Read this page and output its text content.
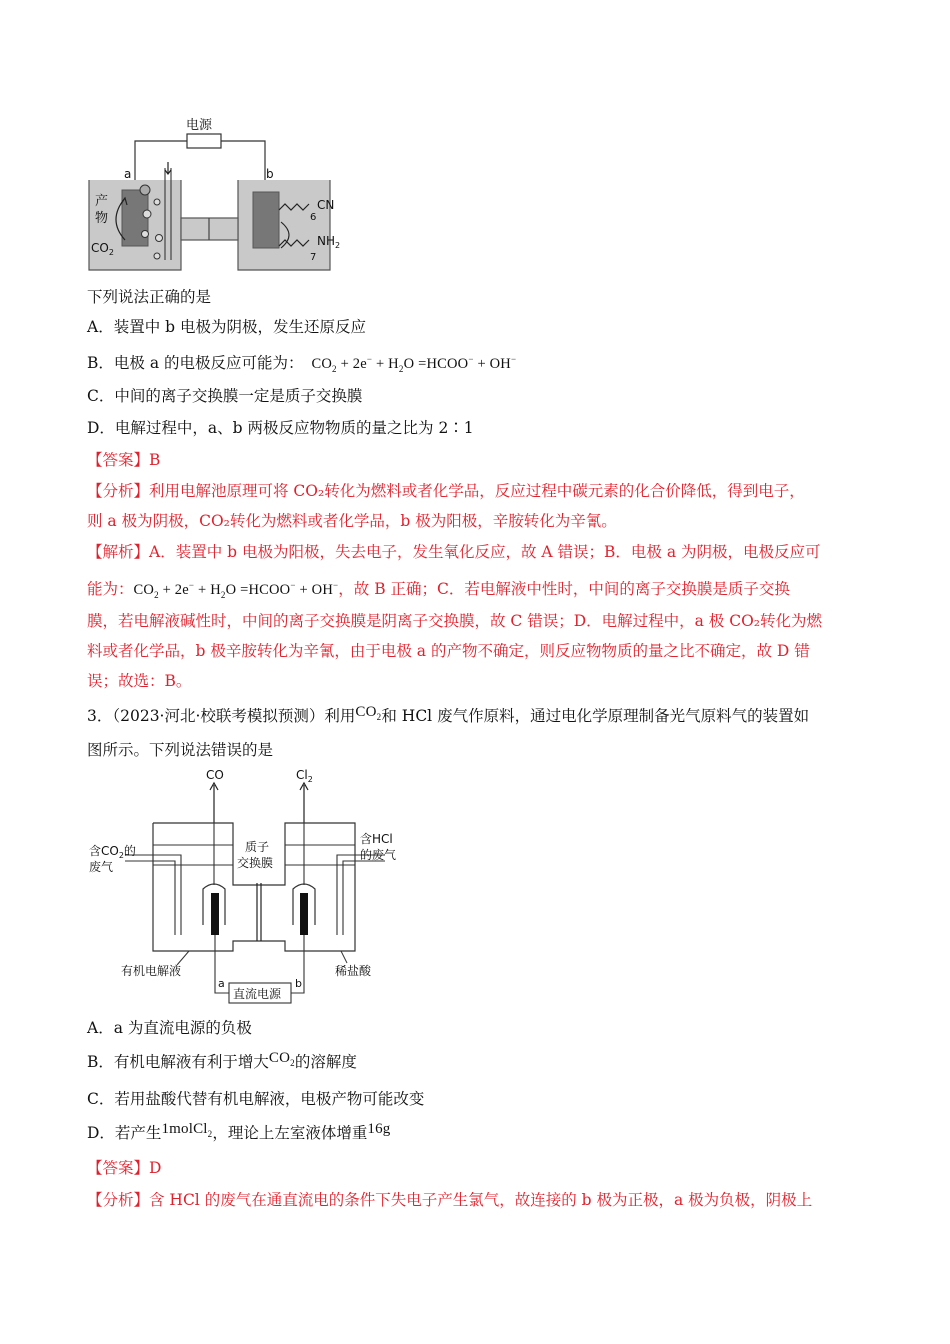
电源
a
产
物
$CO_2$
b
CN
6
$NH_2$
7
下列说法正确的是
A．装置中 b 电极为阴极，发生还原反应
B．电极 a 的电极反应可能为： $CO_2 + 2e^- + H_2O$ =HCOO− + OH−
C．中间的离子交换膜一定是质子交换膜
D．电解过程中，a、b 两极反应物物质的量之比为 2∶1
【答案】B
【分析】利用电解池原理可将 CO₂转化为燃料或者化学品，反应过程中碳元素的化合价降低，得到电子，
则 a 极为阴极，CO₂转化为燃料或者化学品，b 极为阳极，辛胺转化为辛氰。
【解析】A．装置中 b 电极为阳极，失去电子，发生氧化反应，故 A 错误；B．电极 a 为阴极，电极反应可
能为：$CO_2 + 2e^- + H_2O$ =HCOO− + OH−，故 B 正确；C．若电解液中性时，中间的离子交换膜是质子交换
膜，若电解液碱性时，中间的离子交换膜是阴离子交换膜，故 C 错误；D．电解过程中，a 极 CO₂转化为燃
料或者化学品，b 极辛胺转化为辛氰，由于电极 a 的产物不确定，则反应物物质的量之比不确定，故 D 错
误；故选：B。
3．（2023·河北·校联考模拟预测）利用$CO_2$和 HCl 废气作原料，通过电化学原理制备光气原料气的装置如
图所示。下列说法错误的是
CO	$Cl_2$
质子
交换膜
含$CO_2$的
废气
含HCl
的废气
有机电解液	稀盐酸
a	b
直流电源
A．a 为直流电源的负极
B．有机电解液有利于增大$CO_2$的溶解度
C．若用盐酸代替有机电解液，电极产物可能改变
D．若产生1molCl$_2$，理论上左室液体增重16g
【答案】D
【分析】含 HCl 的废气在通直流电的条件下失电子产生氯气，故连接的 b 极为正极，a 极为负极，阴极上
